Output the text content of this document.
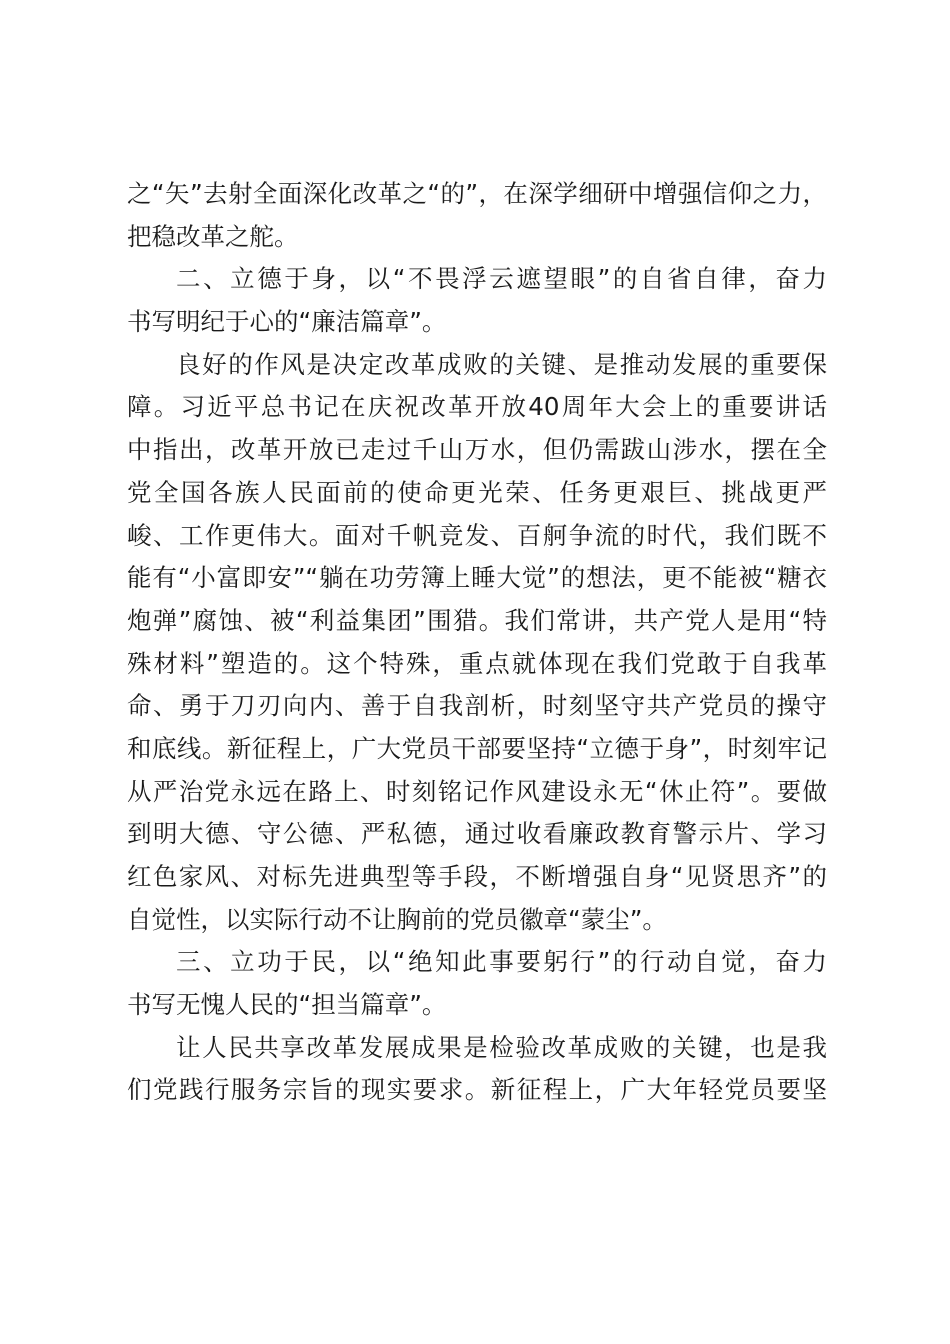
之“矢”去射全面深化改革之“的”，在深学细研中增强信仰之力，
把稳改革之舵。
二、立德于身，以“不畏浮云遮望眼”的自省自律，奋力
书写明纪于心的“廉洁篇章”。
良好的作风是决定改革成败的关键、是推动发展的重要保
障。习近平总书记在庆祝改革开放40周年大会上的重要讲话
中指出，改革开放已走过千山万水，但仍需跋山涉水，摆在全
党全国各族人民面前的使命更光荣、任务更艰巨、挑战更严
峻、工作更伟大。面对千帆竞发、百舸争流的时代，我们既不
能有“小富即安”“躺在功劳簿上睡大觉”的想法，更不能被“糖衣
炮弹”腐蚀、被“利益集团”围猎。我们常讲，共产党人是用“特
殊材料”塑造的。这个特殊，重点就体现在我们党敢于自我革
命、勇于刀刃向内、善于自我剖析，时刻坚守共产党员的操守
和底线。新征程上，广大党员干部要坚持“立德于身”，时刻牢记
从严治党永远在路上、时刻铭记作风建设永无“休止符”。要做
到明大德、守公德、严私德，通过收看廉政教育警示片、学习
红色家风、对标先进典型等手段，不断增强自身“见贤思齐”的
自觉性，以实际行动不让胸前的党员徽章“蒙尘”。
三、立功于民，以“绝知此事要躬行”的行动自觉，奋力
书写无愧人民的“担当篇章”。
让人民共享改革发展成果是检验改革成败的关键，也是我
们党践行服务宗旨的现实要求。新征程上，广大年轻党员要坚
